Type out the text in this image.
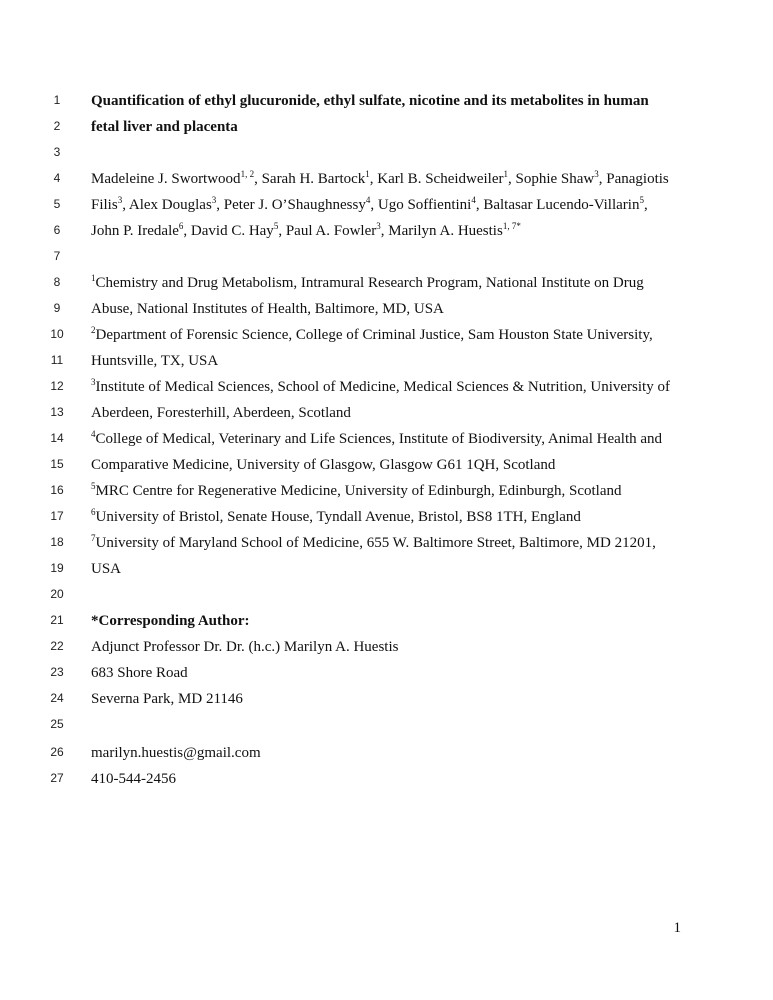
1	Quantification of ethyl glucuronide, ethyl sulfate, nicotine and its metabolites in human
2	fetal liver and placenta
3
4	Madeleine J. Swortwood$^{1, 2}$, Sarah H. Bartock$^1$, Karl B. Scheidweiler$^1$, Sophie Shaw$^3$, Panagiotis
5	Filis$^3$, Alex Douglas$^3$, Peter J. O’Shaughnessy$^4$, Ugo Soffientini$^4$, Baltasar Lucendo-Villarin$^5$,
6	John P. Iredale$^6$, David C. Hay$^5$, Paul A. Fowler$^3$, Marilyn A. Huestis$^{1, 7*}$
7
8	$^1$Chemistry and Drug Metabolism, Intramural Research Program, National Institute on Drug
9	Abuse, National Institutes of Health, Baltimore, MD, USA
10	$^2$Department of Forensic Science, College of Criminal Justice, Sam Houston State University,
11	Huntsville, TX, USA
12	$^3$Institute of Medical Sciences, School of Medicine, Medical Sciences & Nutrition, University of
13	Aberdeen, Foresterhill, Aberdeen, Scotland
14	$^4$College of Medical, Veterinary and Life Sciences, Institute of Biodiversity, Animal Health and
15	Comparative Medicine, University of Glasgow, Glasgow G61 1QH, Scotland
16	$^5$MRC Centre for Regenerative Medicine, University of Edinburgh, Edinburgh, Scotland
17	$^6$University of Bristol, Senate House, Tyndall Avenue, Bristol, BS8 1TH, England
18	$^7$University of Maryland School of Medicine, 655 W. Baltimore Street, Baltimore, MD 21201,
19	USA
20
21	*Corresponding Author:
22	Adjunct Professor Dr. Dr. (h.c.) Marilyn A. Huestis
23	683 Shore Road
24	Severna Park, MD 21146
25
26	marilyn.huestis@gmail.com
27	410-544-2456
1
